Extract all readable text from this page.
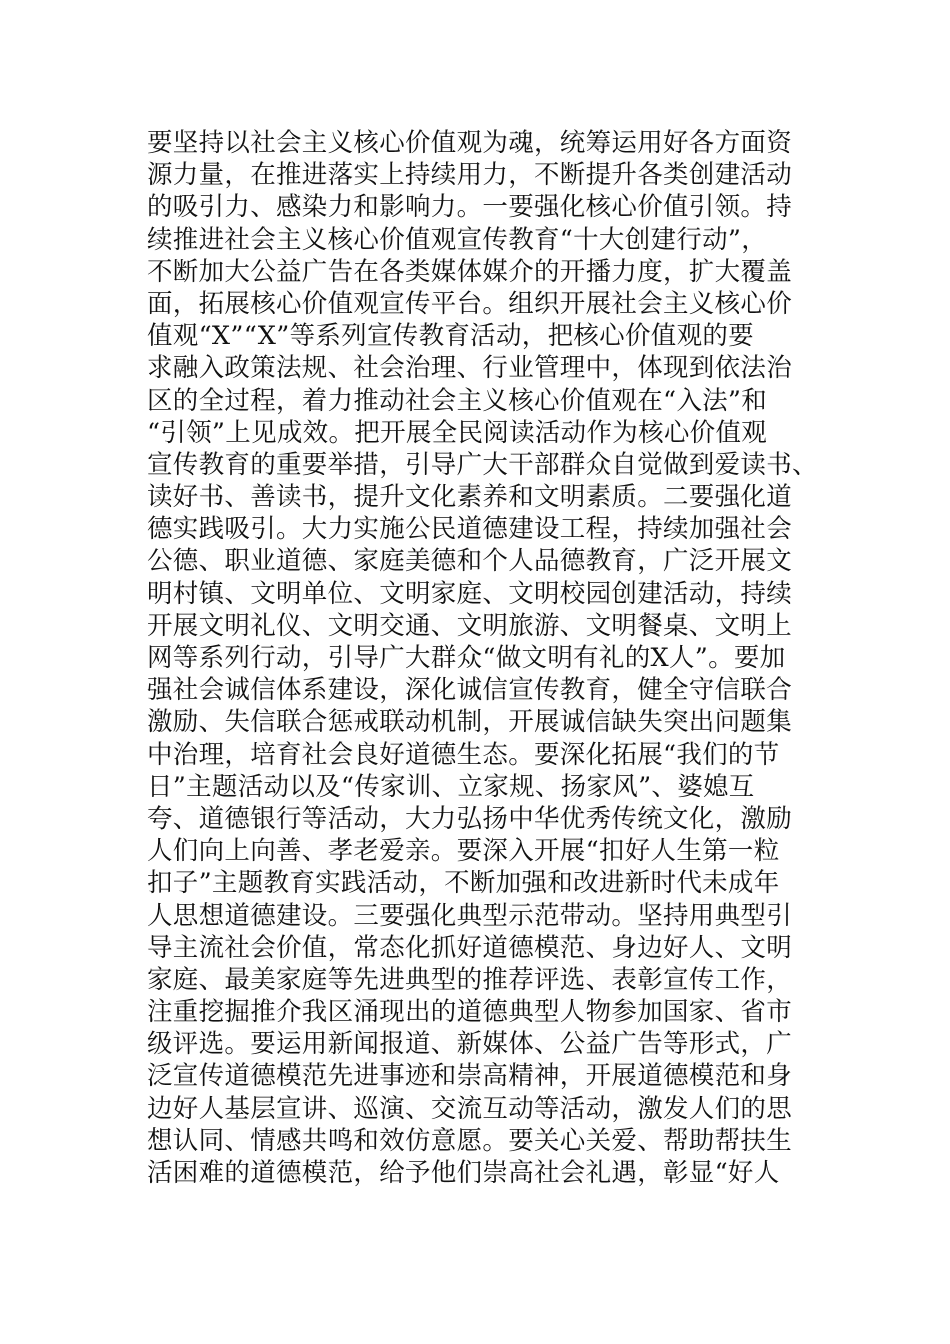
要坚持以社会主义核心价值观为魂，统筹运用好各方面资
源力量，在推进落实上持续用力，不断提升各类创建活动
的吸引力、感染力和影响力。一要强化核心价值引领。持
续推进社会主义核心价值观宣传教育“十大创建行动”，
不断加大公益广告在各类媒体媒介的开播力度，扩大覆盖
面，拓展核心价值观宣传平台。组织开展社会主义核心价
值观“X”“X”等系列宣传教育活动，把核心价值观的要
求融入政策法规、社会治理、行业管理中，体现到依法治
区的全过程，着力推动社会主义核心价值观在“入法”和
“引领”上见成效。把开展全民阅读活动作为核心价值观
宣传教育的重要举措，引导广大干部群众自觉做到爱读书、
读好书、善读书，提升文化素养和文明素质。二要强化道
德实践吸引。大力实施公民道德建设工程，持续加强社会
公德、职业道德、家庭美德和个人品德教育，广泛开展文
明村镇、文明单位、文明家庭、文明校园创建活动，持续
开展文明礼仪、文明交通、文明旅游、文明餐桌、文明上
网等系列行动，引导广大群众“做文明有礼的X人”。要加
强社会诚信体系建设，深化诚信宣传教育，健全守信联合
激励、失信联合惩戒联动机制，开展诚信缺失突出问题集
中治理，培育社会良好道德生态。要深化拓展“我们的节
日”主题活动以及“传家训、立家规、扬家风”、婆媳互
夸、道德银行等活动，大力弘扬中华优秀传统文化，激励
人们向上向善、孝老爱亲。要深入开展“扣好人生第一粒
扣子”主题教育实践活动，不断加强和改进新时代未成年
人思想道德建设。三要强化典型示范带动。坚持用典型引
导主流社会价值，常态化抓好道德模范、身边好人、文明
家庭、最美家庭等先进典型的推荐评选、表彰宣传工作，
注重挖掘推介我区涌现出的道德典型人物参加国家、省市
级评选。要运用新闻报道、新媒体、公益广告等形式，广
泛宣传道德模范先进事迹和崇高精神，开展道德模范和身
边好人基层宣讲、巡演、交流互动等活动，激发人们的思
想认同、情感共鸣和效仿意愿。要关心关爱、帮助帮扶生
活困难的道德模范，给予他们崇高社会礼遇，彰显“好人
